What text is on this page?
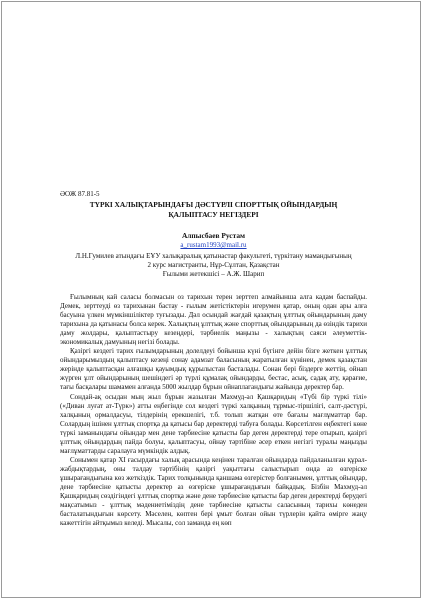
ӘОЖ 87.81-5

ТҮРКІ ХАЛЫҚТАРЫНДАҒЫ ДӘСТҮРЛІ СПОРТТЫҚ ОЙЫНДАРДЫҢ
ҚАЛЫПТАСУ НЕГІЗДЕРІ

Алпысбаев Рустам

a_rustam1993@mail.ru

Л.Н.Гумилев атындағы ЕҰУ халықаралық қатынастар факультеті, түркітану мамандығының

2 курс магистранты, Нұр-Сұлтан, Қазақстан

Ғылыми жетекшісі – А.Ж. Шарип

Ғылымның кай саласы болмасын оз тарихын терен зерттеп алмайынша алга кадам баспайды. Демек, зерттеуді өз тарихынан бастау - ғылым жетістіктерін игерумен қатар, оның одан ары алға басуына үлкен мүмкіншіліктер туғызады. Дәл осындай жағдай қазақтың ұлттық ойындарының даму тарихына да қатынасы болса керек. Халықтың ұлттық және спорттық ойындарының да өзіндік тарихи даму жолдары, қалыптастыру кезеңдері, тәрбиелік маңызы - халықтың саяси әлеуметтік-экономикалық дамуының негізі болады.

Қазіргі кездегі тарих ғылымдарының долелдеуі бойынша күні бүгінге дейін бізге жеткен ұлттық ойындарымыздың қалыптасу кезеңі сонау адамзат баласының жаратылған күнінен, демек қазақстан жерінде қалыптасқан алғашқы қауымдық құрылыстан басталады. Сонан бері біздерге жеттің, ойнап жүрген ұлт ойындарының шешіндегі әр түрлі құмалақ ойындарды, бестас, асық, садақ ату, қарағие, тағы басқалары шамамен алғанда 5000 жылдар бұрын ойнаплагандығы жайында деректер бар.

Сондай-ақ осыдан мың жыл бұрын жазылған Махмуд-әл Қашқаридың «Түбі бір түркі тілі» («Диван луғат ат-Түрк») атты еңбегінде сол кездегі түркі халқының тұрмыс-тіршілігі, салт-дәстүрі, халқының ормалдасуы, тілдерінің ерекшелігі, т.б. толып жатқан өте бағалы мағлұматтар бар. Солардың ішінен ұлттық спортқа да қатысы бар деректерді табуға болады. Көрсетілген еңбектегі көне түркі заманындағы ойындар мен дене тәрбиесіне қатысты бар деген деректерді тере отырып, қазіргі ұлттық ойындардың пайда болуы, қалыптасуы, ойнау тәртібіне әсер еткен негізгі туралы маңызды мағлұматтарды саралауға мүмкіндік алдық.

Сонымен қатар XI ғасырдағы халық арасында кеңінен таралған ойындарда пайдаланылған құрал-жабдықтардың, оны талдау тәртібінің қазіргі уақыттағы салыстырып онда аз өзгеріске ұшырағандығына көз жеткіздік. Тарих толқынында қаншама өзгерістер болғанымен, ұлттық ойындар, дене тәрбиесіне қатысты деректер аз өзгеріске ұшырағандығын байқадық. Бізбін Махмуд-әл Қашқаридың сөздігіндегі ұлттық спортқа және дене тәрбиесіне қатысты бар деген деректерді берудегі мақсатымыз - ұлттық мәдениетіміздің дене тәрбиесіне қатысты саласының тарихы көнеден басталатындығын көрсету. Мәселен, көптен бері ұмыт болған ойын түрлерін қайта өмірге жаңу кажеттігін айтқымыз келеді. Мысалы, сол заманда ең көп
